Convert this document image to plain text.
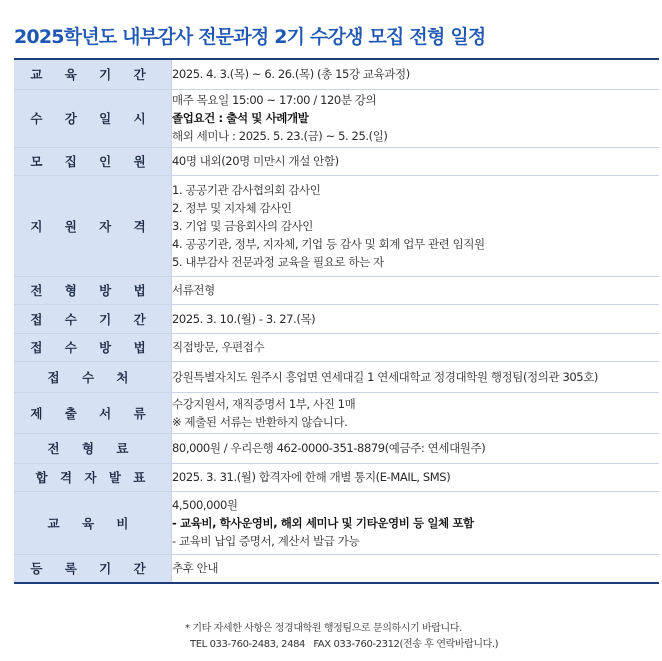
2025학년도 내부감사 전문과정 2기 수강생 모집 전형 일정
교 육 기 간	2025. 4. 3.(목) ~ 6. 26.(목) (총 15강 교육과정)

수 강 일 시	매주 목요일 15:00 ~ 17:00 / 120분 강의
졸업요건 : 출석 및 사례개발
해외 세미나 : 2025. 5. 23.(금) ~ 5. 25.(일)

모 집 인 원	40명 내외(20명 미만시 개설 안함)

지 원 자 격	1. 공공기관 감사협의회 감사인
2. 정부 및 지자체 감사인
3. 기업 및 금융회사의 감사인
4. 공공기관, 정부, 지자체, 기업 등 감사 및 회계 업무 관련 임직원
5. 내부감사 전문과정 교육을 필요로 하는 자

전 형 방 법	서류전형

접 수 기 간	2025. 3. 10.(월) - 3. 27.(목)

접 수 방 법	직접방문, 우편접수

접 수 처	강원특별자치도 원주시 흥업면 연세대길 1 연세대학교 정경대학원 행정팀(정의관 305호)

제 출 서 류	수강지원서, 재직증명서 1부, 사진 1매
※ 제출된 서류는 반환하지 않습니다.

전 형 료	80,000원 / 우리은행 462-0000-351-8879(예금주: 연세대원주)

합 격 자 발 표	2025. 3. 31.(월) 합격자에 한해 개별 통지(E-MAIL, SMS)

교 육 비	4,500,000원
- 교육비, 학사운영비, 해외 세미나 및 기타운영비 등 일체 포함
- 교육비 납입 증명서, 계산서 발급 가능

등 록 기 간	추후 안내
* 기타 자세한 사항은 정경대학원 행정팀으로 문의하시기 바랍니다.
TEL 033-760-2483, 2484   FAX 033-760-2312(전송 후 연락바랍니다.)
